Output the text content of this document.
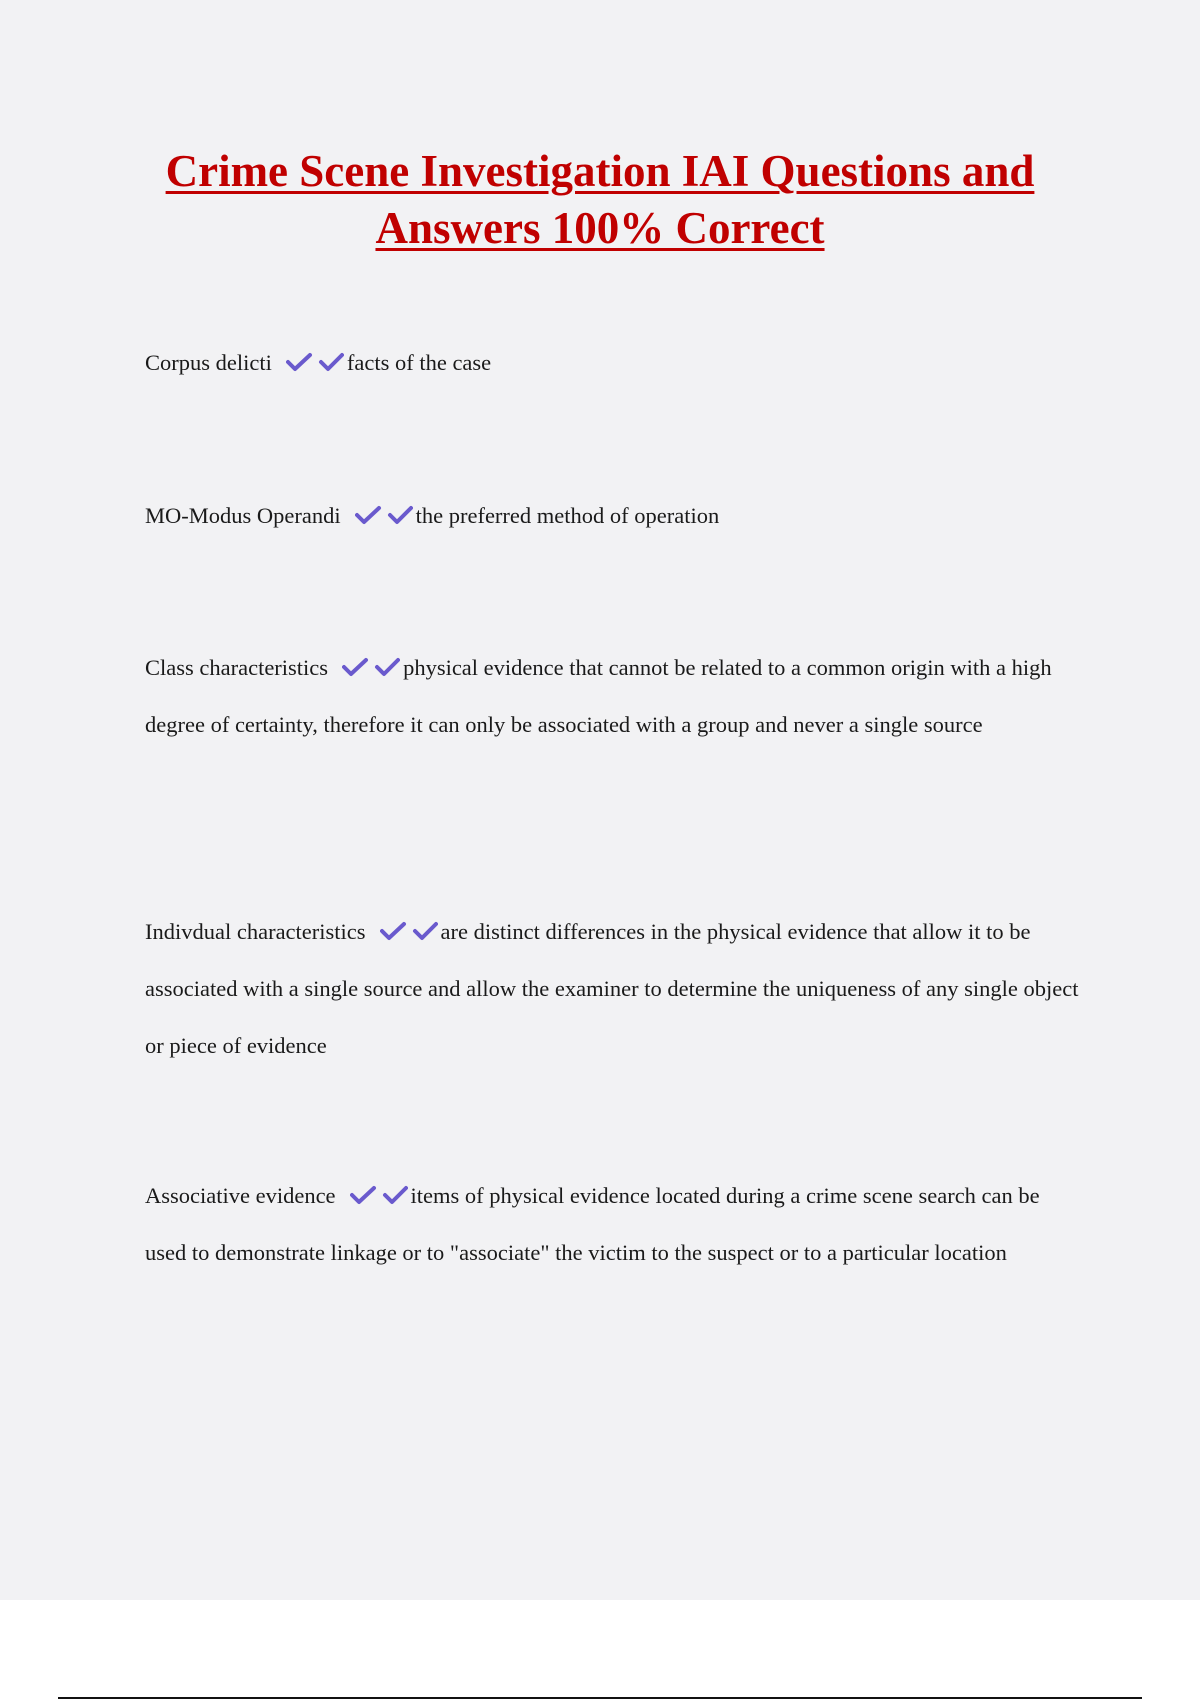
Crime Scene Investigation IAI Questions and Answers 100% Correct

Corpus delicti	facts of the case

MO-Modus Operandi	the preferred method of operation

Class characteristics	physical evidence that cannot be related to a common origin with a high degree of certainty, therefore it can only be associated with a group and never a single source

Indivdual characteristics	are distinct differences in the physical evidence that allow it to be associated with a single source and allow the examiner to determine the uniqueness of any single object or piece of evidence

Associative evidence	items of physical evidence located during a crime scene search can be used to demonstrate linkage or to "associate" the victim to the suspect or to a particular location
